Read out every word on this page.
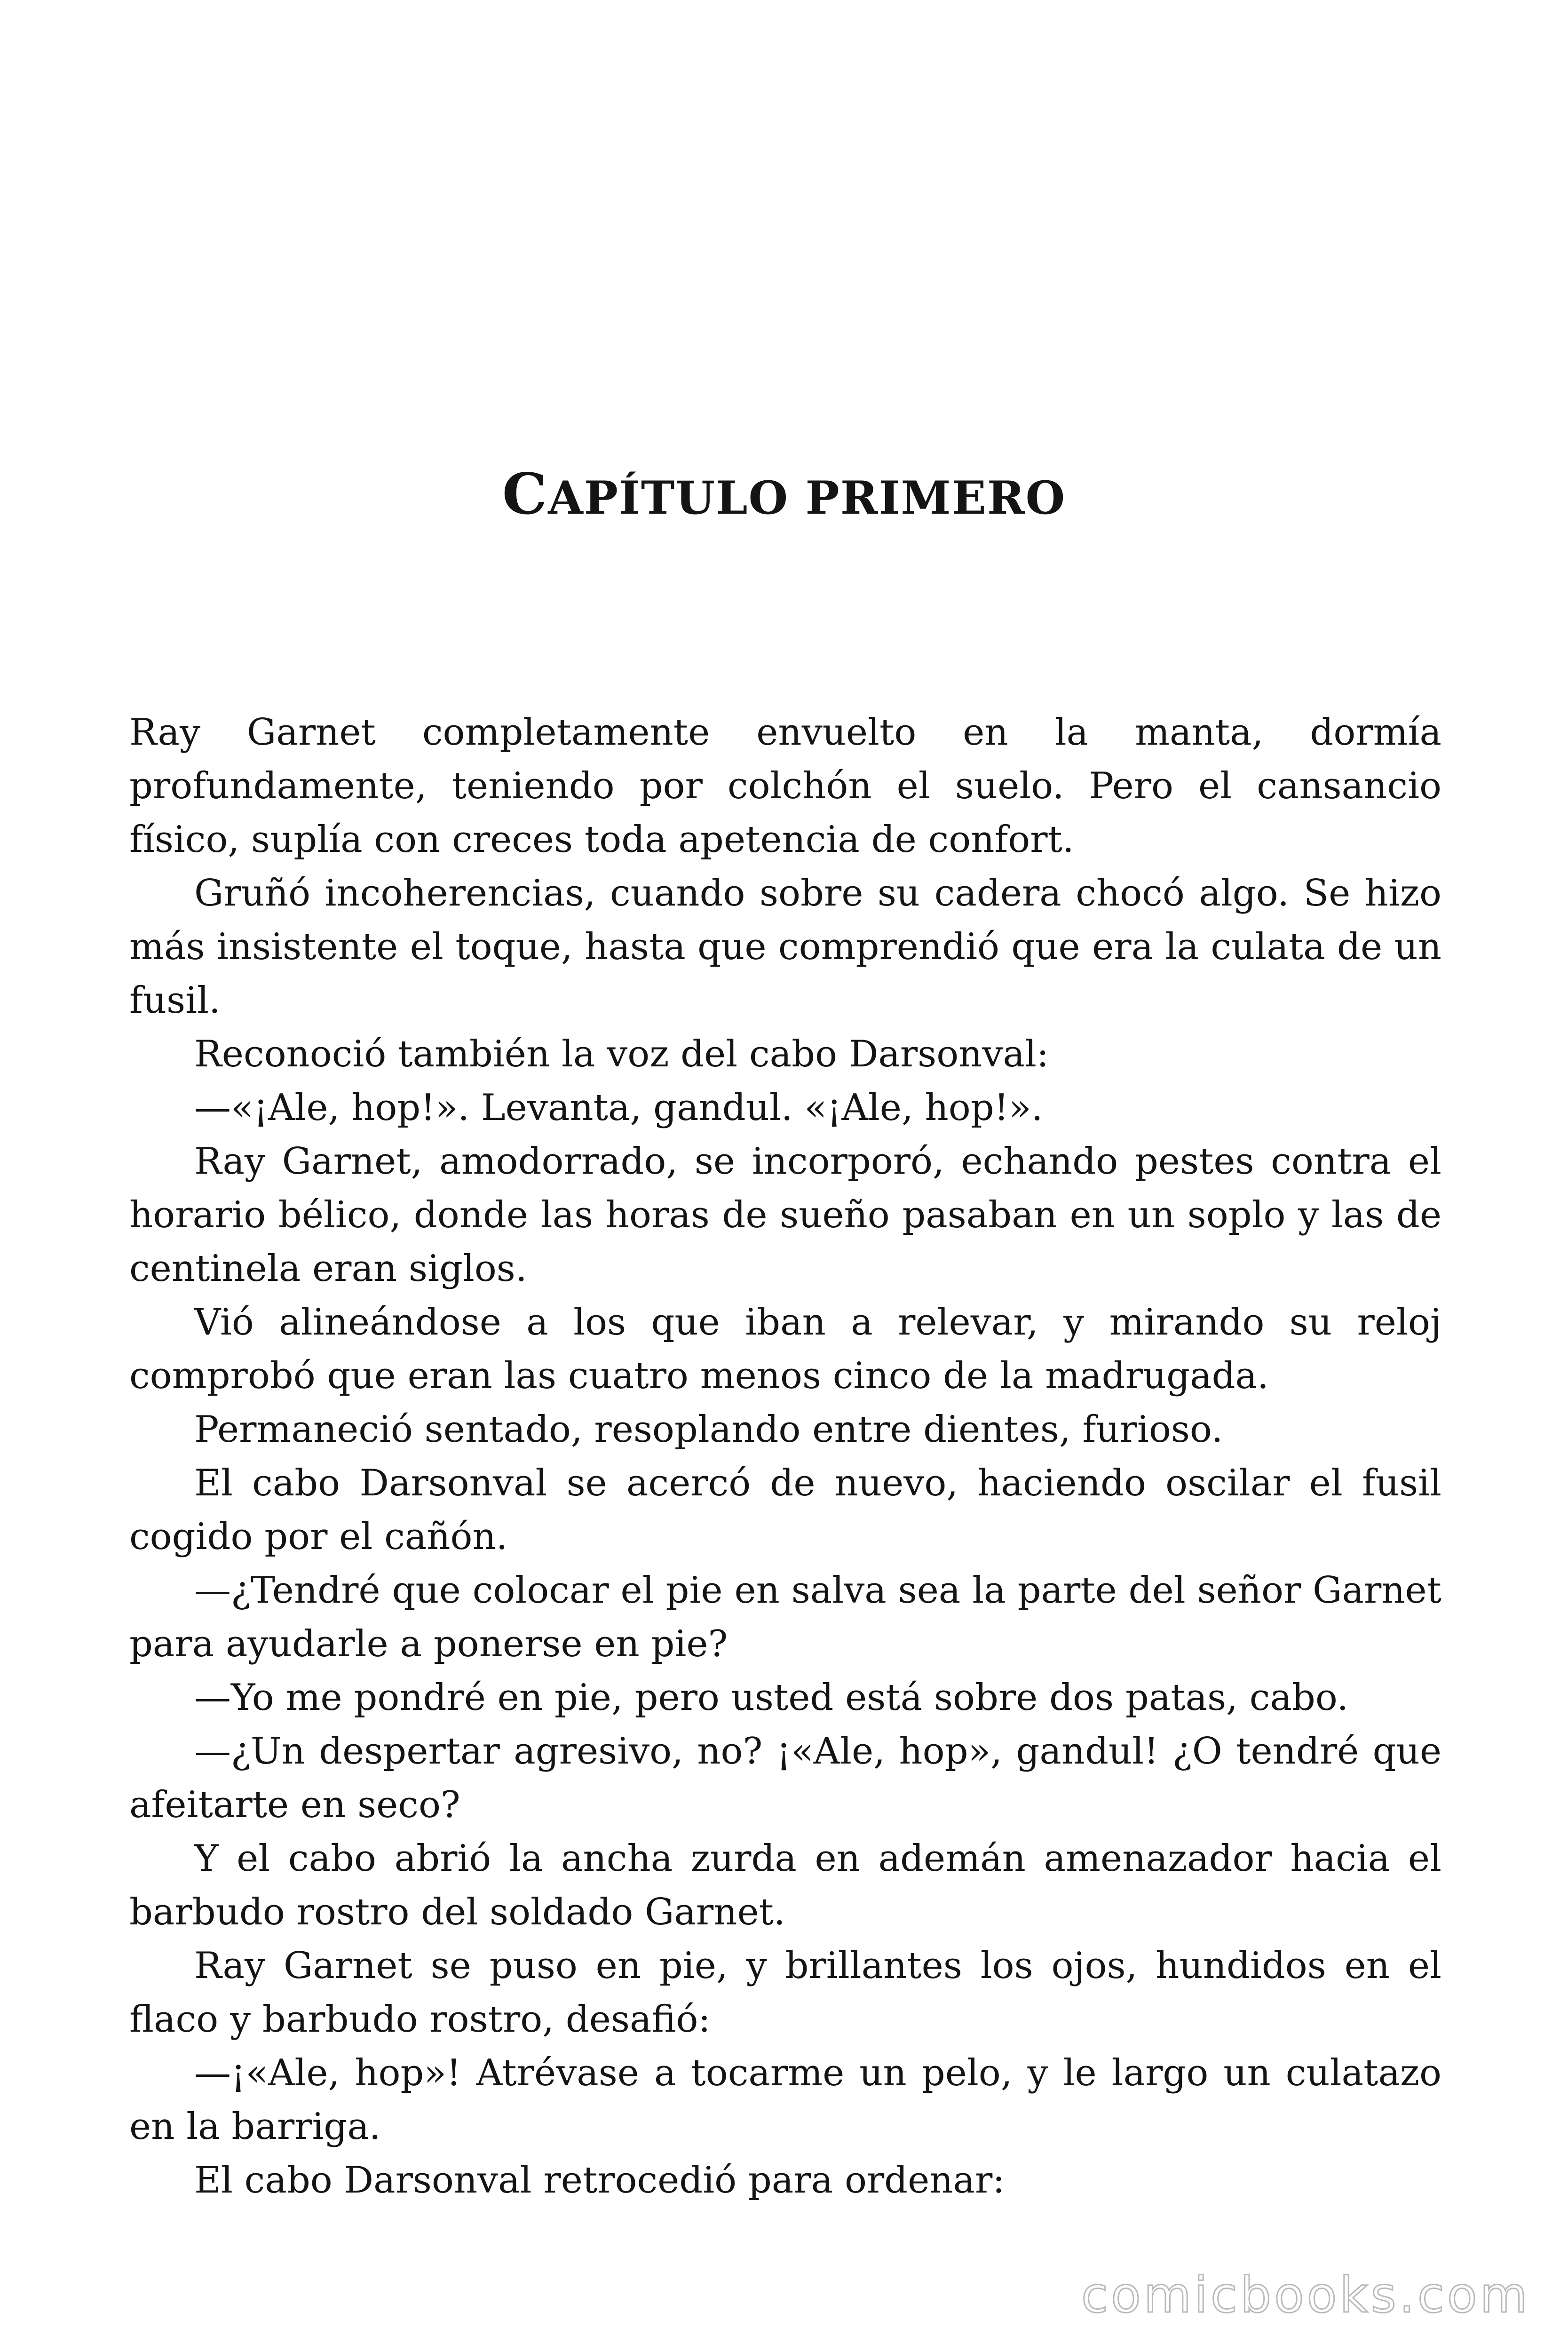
CAPÍTULO PRIMERO

Ray Garnet completamente envuelto en la manta, dormía profundamente, teniendo por colchón el suelo. Pero el cansancio físico, suplía con creces toda apetencia de confort.

Gruñó incoherencias, cuando sobre su cadera chocó algo. Se hizo más insistente el toque, hasta que comprendió que era la culata de un fusil.

Reconoció también la voz del cabo Darsonval:

—«¡Ale, hop!». Levanta, gandul. «¡Ale, hop!».

Ray Garnet, amodorrado, se incorporó, echando pestes contra el horario bélico, donde las horas de sueño pasaban en un soplo y las de centinela eran siglos.

Vió alineándose a los que iban a relevar, y mirando su reloj comprobó que eran las cuatro menos cinco de la madrugada.

Permaneció sentado, resoplando entre dientes, furioso.

El cabo Darsonval se acercó de nuevo, haciendo oscilar el fusil cogido por el cañón.

—¿Tendré que colocar el pie en salva sea la parte del señor Garnet para ayudarle a ponerse en pie?

—Yo me pondré en pie, pero usted está sobre dos patas, cabo.

—¿Un despertar agresivo, no? ¡«Ale, hop», gandul! ¿O tendré que afeitarte en seco?

Y el cabo abrió la ancha zurda en ademán amenazador hacia el barbudo rostro del soldado Garnet.

Ray Garnet se puso en pie, y brillantes los ojos, hundidos en el flaco y barbudo rostro, desafió:

—¡«Ale, hop»! Atrévase a tocarme un pelo, y le largo un culatazo en la barriga.

El cabo Darsonval retrocedió para ordenar:

comicbooks.com
